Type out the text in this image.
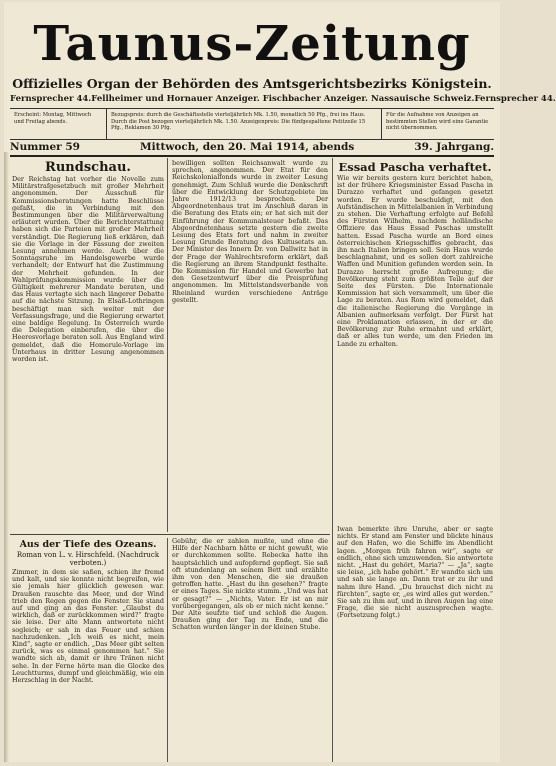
Taunus-Zeitung
Offizielles Organ der Behörden des Amtsgerichtsbezirks Königstein.
Fernsprecher 44. Fellheimer und Hornauer Anzeiger. Fischbacher Anzeiger. Nassauische Schweiz. Fernsprecher 44.
Erscheint: Montag, Mittwoch und Freitag abends.
Bezugspreis: durch die Geschäftsstelle vierteljährlich Mk. 1.50, monatlich 50 Pfg., frei ins Haus. Durch die Post bezogen vierteljährlich Mk. 1.50. Anzeigenpreis: Die fünfgespaltene Petitzeile 15 Pfg., Reklamen 30 Pfg.
Für die Aufnahme von Anzeigen an bestimmten Stellen wird eine Garantie nicht übernommen.
Nummer 59	Mittwoch, den 20. Mai 1914, abends	39. Jahrgang.
Rundschau.
Der Reichstag hat vorher die Novelle zum Militärstrafgesetzbuch mit großer Mehrheit angenommen. Der Ausschuß für Kommissionsberatungen hatte Beschlüsse gefaßt, die in Verbindung mit den Bestimmungen über die Militärverwaltung erläutert wurden. Über die Berichterstattung haben sich die Parteien mit großer Mehrheit verständigt. Die Regierung ließ erklären, daß sie die Vorlage in der Fassung der zweiten Lesung annehmen werde. Auch über die Sonntagsruhe im Handelsgewerbe wurde verhandelt; der Entwurf hat die Zustimmung der Mehrheit gefunden. In der Wahlprüfungskommission wurde über die Gültigkeit mehrerer Mandate beraten, und das Haus vertagte sich nach längerer Debatte auf die nächste Sitzung. In Elsaß-Lothringen beschäftigt man sich weiter mit der Verfassungsfrage, und die Regierung erwartet eine baldige Regelung. In Österreich wurde die Delegation einberufen, die über die Heeresvorlage beraten soll. Aus England wird gemeldet, daß die Homerule-Vorlage im Unterhaus in dritter Lesung angenommen worden ist.
bewilligen sollten Reichsanwalt wurde zu sprechen, angenommen. Der Etat für den Reichskolonialfonds wurde in zweiter Lesung genehmigt. Zum Schluß wurde die Denkschrift über die Entwicklung der Schutzgebiete im Jahre 1912/13 besprochen. Der Abgeordnetenhaus trat im Anschluß daran in die Beratung des Etats ein; er hat sich mit der Einführung der Kommunalsteuer befaßt. Das Abgeordnetenhaus setzte gestern die zweite Lesung des Etats fort und nahm in zweiter Lesung Grunde Beratung des Kultusetats an. Der Minister des Innern Dr. von Dallwitz hat in der Frage der Wahlrechtsreform erklärt, daß die Regierung an ihrem Standpunkt festhalte. Die Kommission für Handel und Gewerbe hat den Gesetzentwurf über die Preisprüfung angenommen. Im Mittelstandsverbande von Rheinland wurden verschiedene Anträge gestellt.
Essad Pascha verhaftet.
Wie wir bereits gestern kurz berichtet haben, ist der frühere Kriegsminister Essad Pascha in Durazzo verhaftet und gefangen gesetzt worden. Er wurde beschuldigt, mit den Aufständischen in Mittelalbanien in Verbindung zu stehen. Die Verhaftung erfolgte auf Befehl des Fürsten Wilhelm, nachdem holländische Offiziere das Haus Essad Paschas umstellt hatten. Essad Pascha wurde an Bord eines österreichischen Kriegsschiffes gebracht, das ihn nach Italien bringen soll. Sein Haus wurde beschlagnahmt, und es sollen dort zahlreiche Waffen und Munition gefunden worden sein. In Durazzo herrscht große Aufregung; die Bevölkerung steht zum größten Teile auf der Seite des Fürsten. Die Internationale Kommission hat sich versammelt, um über die Lage zu beraten. Aus Rom wird gemeldet, daß die italienische Regierung die Vorgänge in Albanien aufmerksam verfolgt. Der Fürst hat eine Proklamation erlassen, in der er die Bevölkerung zur Ruhe ermahnt und erklärt, daß er alles tun werde, um den Frieden im Lande zu erhalten.
Aus der Tiefe des Ozeans.
Roman von L. v. Hirschfeld. (Nachdruck verboten.)
Zimmer, in dem sie saßen, schien ihr fremd und kalt, und sie konnte nicht begreifen, wie sie jemals hier glücklich gewesen war. Draußen rauschte das Meer, und der Wind trieb den Regen gegen die Fenster. Sie stand auf und ging an das Fenster. „Glaubst du wirklich, daß er zurückkommen wird?“ fragte sie leise. Der alte Mann antwortete nicht sogleich; er sah in das Feuer und schien nachzudenken. „Ich weiß es nicht, mein Kind“, sagte er endlich. „Das Meer gibt selten zurück, was es einmal genommen hat.“ Sie wandte sich ab, damit er ihre Tränen nicht sehe. In der Ferne hörte man die Glocke des Leuchtturms, dumpf und gleichmäßig, wie ein Herzschlag in der Nacht.
Gebühr, die er zahlen mußte, und ohne die Hilfe der Nachbarn hätte er nicht gewußt, wie er durchkommen sollte. Rebecka hatte ihn hauptsächlich und aufopfernd gepflegt. Sie saß oft stundenlang an seinem Bett und erzählte ihm von den Menschen, die sie draußen getroffen hatte. „Hast du ihn gesehen?“ fragte er eines Tages. Sie nickte stumm. „Und was hat er gesagt?“ — „Nichts, Vater. Er ist an mir vorübergegangen, als ob er mich nicht kenne.“ Der Alte seufzte tief und schloß die Augen. Draußen ging der Tag zu Ende, und die Schatten wurden länger in der kleinen Stube.
Iwan bemerkte ihre Unruhe, aber er sagte nichts. Er stand am Fenster und blickte hinaus auf den Hafen, wo die Schiffe im Abendlicht lagen. „Morgen früh fahren wir“, sagte er endlich, ohne sich umzuwenden. Sie antwortete nicht. „Hast du gehört, Maria?“ — „Ja“, sagte sie leise, „ich habe gehört.“ Er wandte sich um und sah sie lange an. Dann trat er zu ihr und nahm ihre Hand. „Du brauchst dich nicht zu fürchten“, sagte er, „es wird alles gut werden.“ Sie sah zu ihm auf, und in ihren Augen lag eine Frage, die sie nicht auszusprechen wagte. (Fortsetzung folgt.)
